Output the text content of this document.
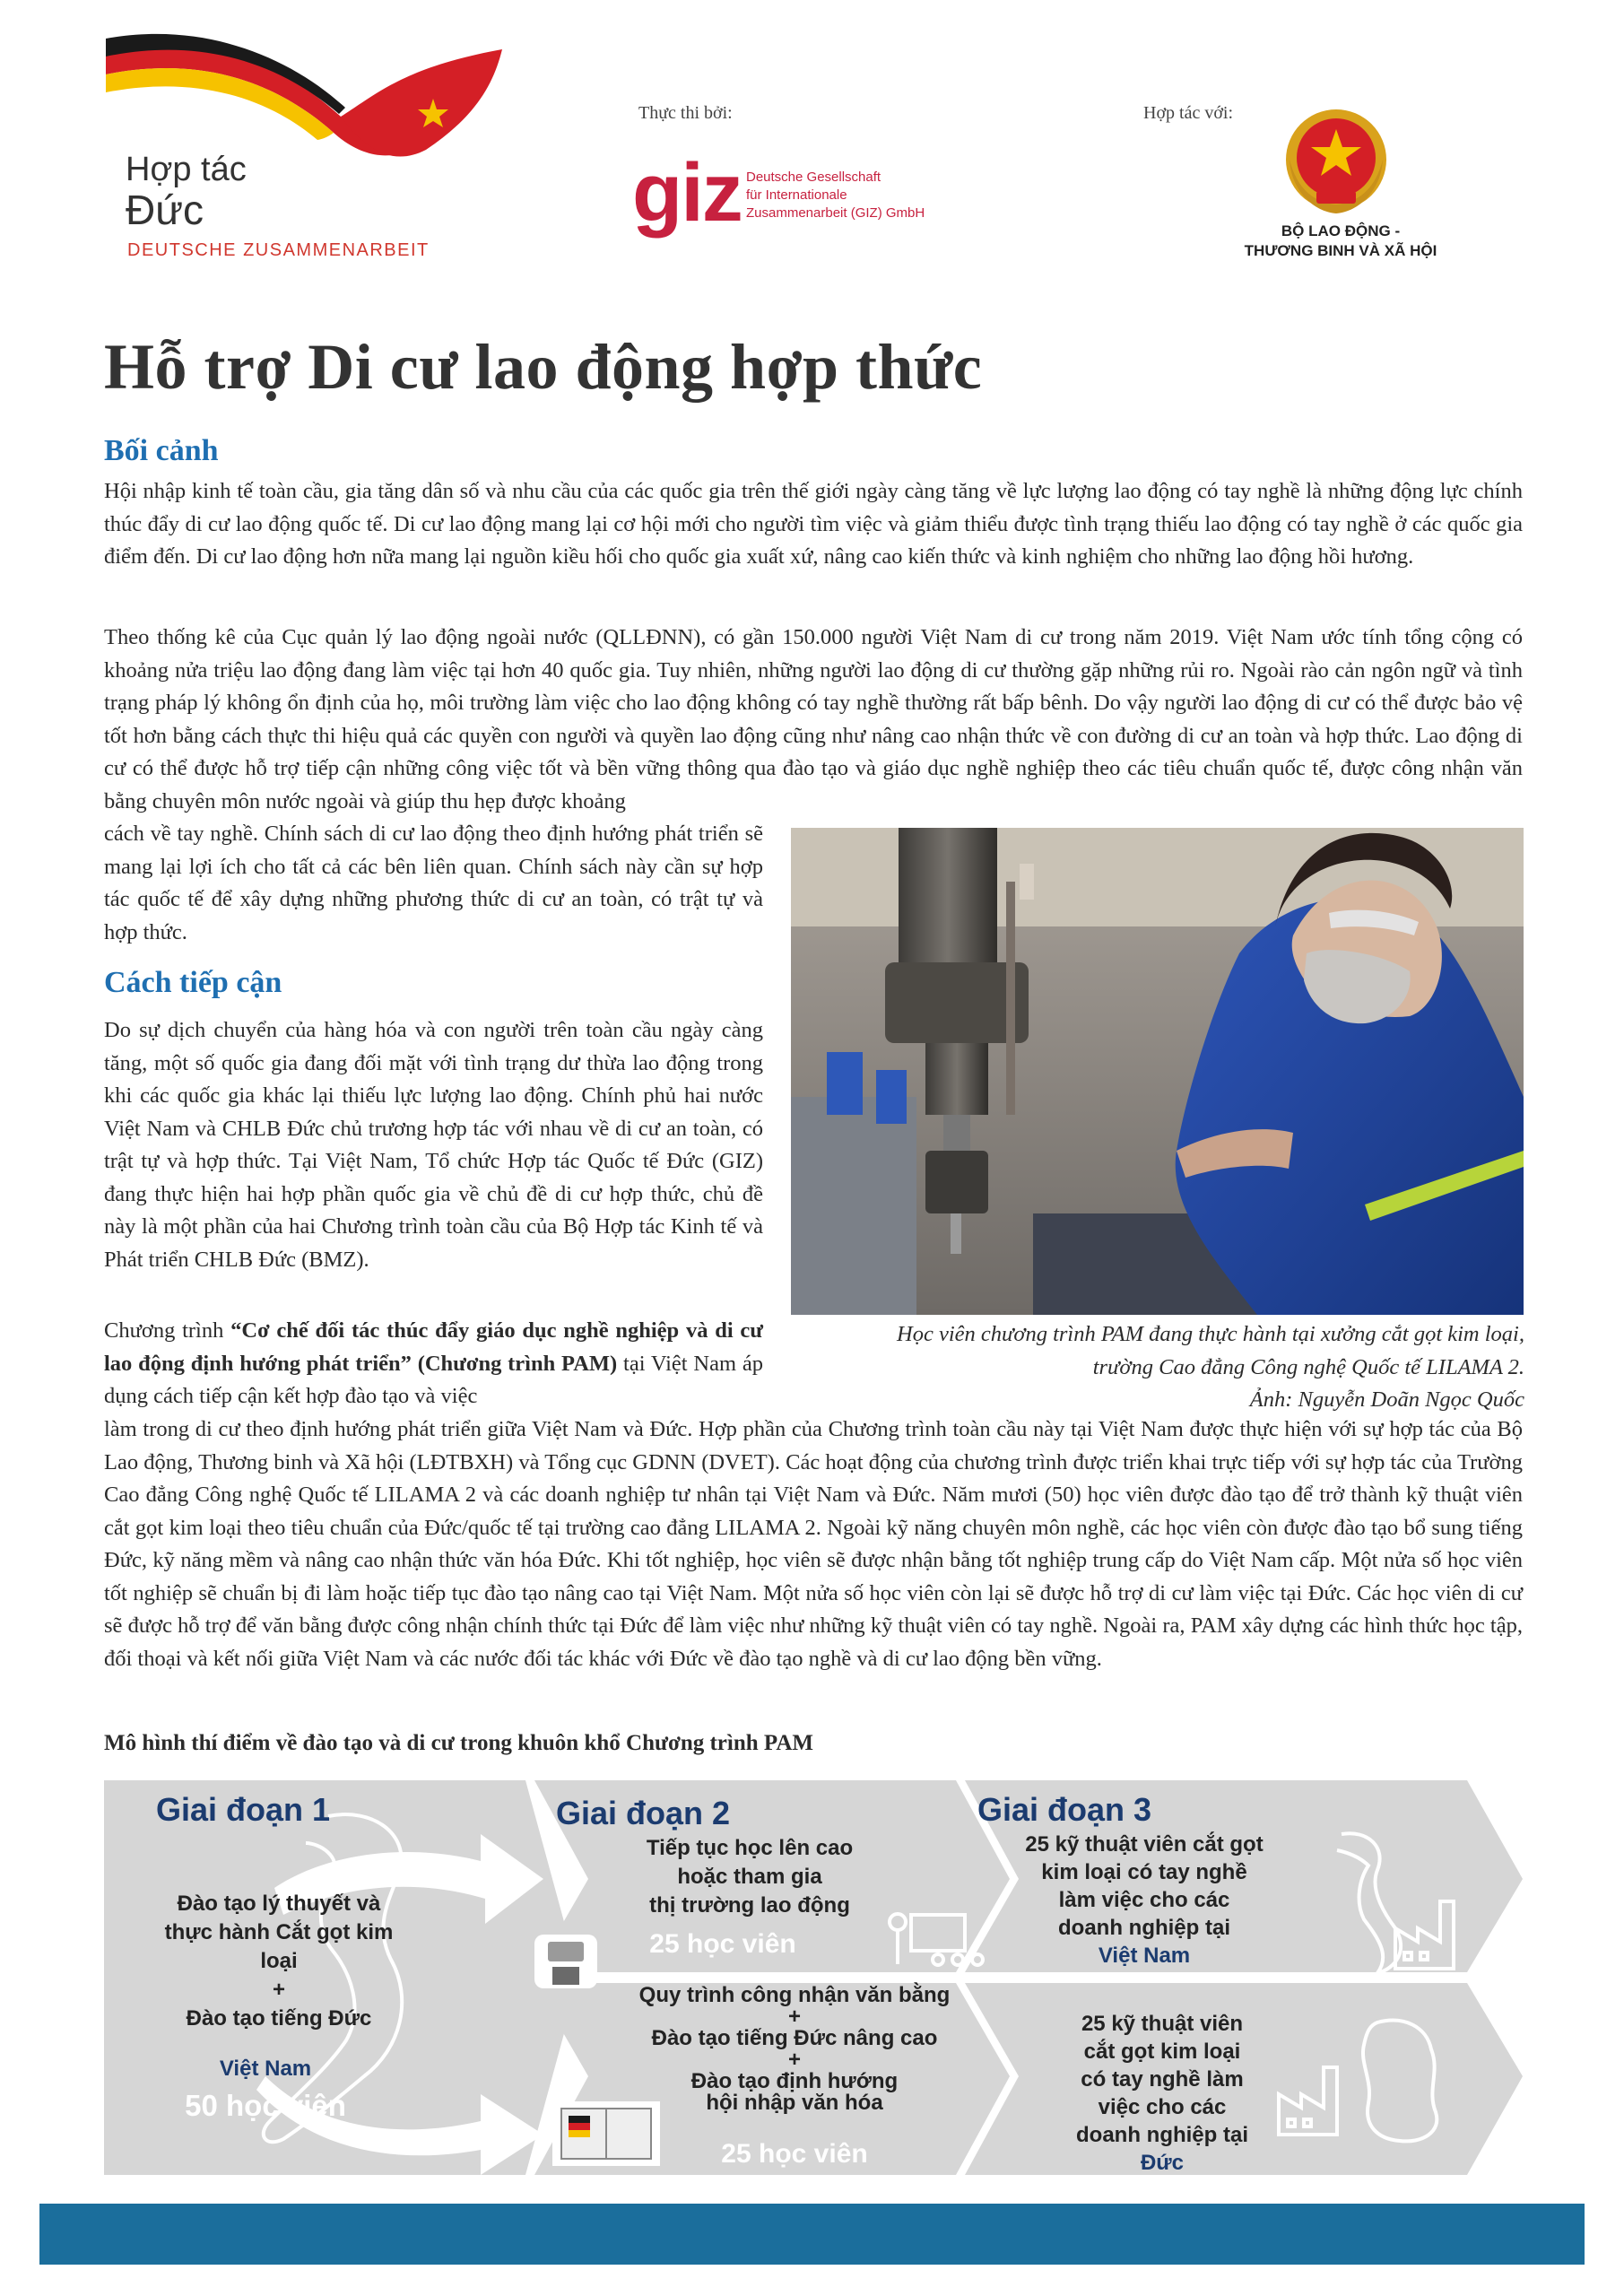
Hợp tác
Đức
DEUTSCHE ZUSAMMENARBEIT
Thực thi bởi:
giz Deutsche Gesellschaft
für Internationale
Zusammenarbeit (GIZ) GmbH
Hợp tác với:
BỘ LAO ĐỘNG -
THƯƠNG BINH VÀ XÃ HỘI
Hỗ trợ Di cư lao động hợp thức
Bối cảnh

Hội nhập kinh tế toàn cầu, gia tăng dân số và nhu cầu của các quốc gia trên thế giới ngày càng tăng về lực lượng lao động có tay nghề là những động lực chính thúc đẩy di cư lao động quốc tế. Di cư lao động mang lại cơ hội mới cho người tìm việc và giảm thiểu được tình trạng thiếu lao động có tay nghề ở các quốc gia điểm đến. Di cư lao động hơn nữa mang lại nguồn kiều hối cho quốc gia xuất xứ, nâng cao kiến thức và kinh nghiệm cho những lao động hồi hương.

Theo thống kê của Cục quản lý lao động ngoài nước (QLLĐNN), có gần 150.000 người Việt Nam di cư trong năm 2019. Việt Nam ước tính tổng cộng có khoảng nửa triệu lao động đang làm việc tại hơn 40 quốc gia. Tuy nhiên, những người lao động di cư thường gặp những rủi ro. Ngoài rào cản ngôn ngữ và tình trạng pháp lý không ổn định của họ, môi trường làm việc cho lao động không có tay nghề thường rất bấp bênh. Do vậy người lao động di cư có thể được bảo vệ tốt hơn bằng cách thực thi hiệu quả các quyền con người và quyền lao động cũng như nâng cao nhận thức về con đường di cư an toàn và hợp thức. Lao động di cư có thể được hỗ trợ tiếp cận những công việc tốt và bền vững thông qua đào tạo và giáo dục nghề nghiệp theo các tiêu chuẩn quốc tế, được công nhận văn bằng chuyên môn nước ngoài và giúp thu hẹp được khoảng

cách về tay nghề. Chính sách di cư lao động theo định hướng phát triển sẽ mang lại lợi ích cho tất cả các bên liên quan. Chính sách này cần sự hợp tác quốc tế để xây dựng những phương thức di cư an toàn, có trật tự và hợp thức.

Cách tiếp cận

Do sự dịch chuyển của hàng hóa và con người trên toàn cầu ngày càng tăng, một số quốc gia đang đối mặt với tình trạng dư thừa lao động trong khi các quốc gia khác lại thiếu lực lượng lao động. Chính phủ hai nước Việt Nam và CHLB Đức chủ trương hợp tác với nhau về di cư an toàn, có trật tự và hợp thức. Tại Việt Nam, Tổ chức Hợp tác Quốc tế Đức (GIZ) đang thực hiện hai hợp phần quốc gia về chủ đề di cư hợp thức, chủ đề này là một phần của hai Chương trình toàn cầu của Bộ Hợp tác Kinh tế và Phát triển CHLB Đức (BMZ).

Chương trình “Cơ chế đối tác thúc đẩy giáo dục nghề nghiệp và di cư lao động định hướng phát triển” (Chương trình PAM) tại Việt Nam áp dụng cách tiếp cận kết hợp đào tạo và việc

làm trong di cư theo định hướng phát triển giữa Việt Nam và Đức. Hợp phần của Chương trình toàn cầu này tại Việt Nam được thực hiện với sự hợp tác của Bộ Lao động, Thương binh và Xã hội (LĐTBXH) và Tổng cục GDNN (DVET). Các hoạt động của chương trình được triển khai trực tiếp với sự hợp tác của Trường Cao đẳng Công nghệ Quốc tế LILAMA 2 và các doanh nghiệp tư nhân tại Việt Nam và Đức. Năm mươi (50) học viên được đào tạo để trở thành kỹ thuật viên cắt gọt kim loại theo tiêu chuẩn của Đức/quốc tế tại trường cao đẳng LILAMA 2. Ngoài kỹ năng chuyên môn nghề, các học viên còn được đào tạo bổ sung tiếng Đức, kỹ năng mềm và nâng cao nhận thức văn hóa Đức. Khi tốt nghiệp, học viên sẽ được nhận bằng tốt nghiệp trung cấp do Việt Nam cấp. Một nửa số học viên tốt nghiệp sẽ chuẩn bị đi làm hoặc tiếp tục đào tạo nâng cao tại Việt Nam. Một nửa số học viên còn lại sẽ được hỗ trợ di cư làm việc tại Đức. Các học viên di cư sẽ được hỗ trợ để văn bằng được công nhận chính thức tại Đức để làm việc như những kỹ thuật viên có tay nghề. Ngoài ra, PAM xây dựng các hình thức học tập, đối thoại và kết nối giữa Việt Nam và các nước đối tác khác với Đức về đào tạo nghề và di cư lao động bền vững.

Học viên chương trình PAM đang thực hành tại xưởng cắt gọt kim loại,
trường Cao đẳng Công nghệ Quốc tế LILAMA 2.
Ảnh: Nguyễn Doãn Ngọc Quốc
Mô hình thí điểm về đào tạo và di cư trong khuôn khổ Chương trình PAM
Giai đoạn 1
Đào tạo lý thuyết và
thực hành Cắt gọt kim
loại
+
Đào tạo tiếng Đức
Việt Nam
50 học viên
Giai đoạn 2
Tiếp tục học lên cao
hoặc tham gia
thị trường lao động
25 học viên
Quy trình công nhận văn bằng
+
Đào tạo tiếng Đức nâng cao
+
Đào tạo định hướng
hội nhập văn hóa
25 học viên
Giai đoạn 3
25 kỹ thuật viên cắt gọt
kim loại có tay nghề
làm việc cho các
doanh nghiệp tại
Việt Nam
25 kỹ thuật viên
cắt gọt kim loại
có tay nghề làm
việc cho các
doanh nghiệp tại
Đức
